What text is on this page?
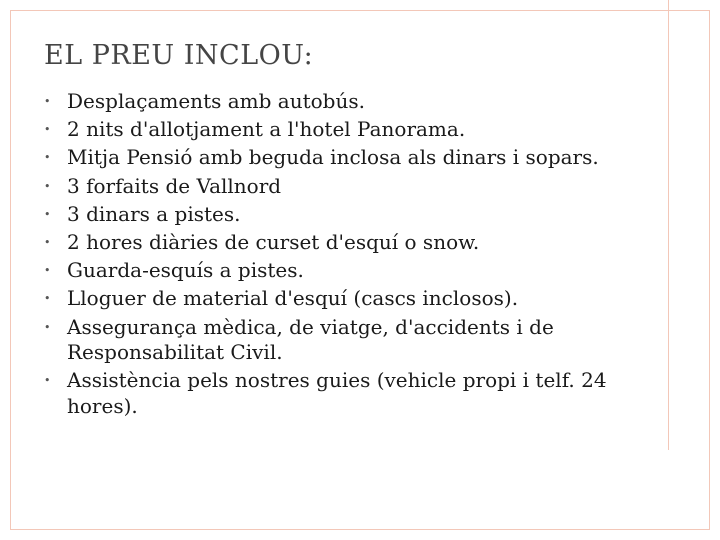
EL PREU INCLOU:
• Desplaçaments amb autobús.
• 2 nits d'allotjament a l'hotel Panorama.
• Mitja Pensió amb beguda inclosa als dinars i sopars.
• 3 forfaits de Vallnord
• 3 dinars a pistes.
• 2 hores diàries de curset d'esquí o snow.
• Guarda-esquís a pistes.
• Lloguer de material d'esquí (cascs inclosos).
• Assegurança mèdica, de viatge, d'accidents i de Responsabilitat Civil.
• Assistència pels nostres guies (vehicle propi i telf. 24 hores).
